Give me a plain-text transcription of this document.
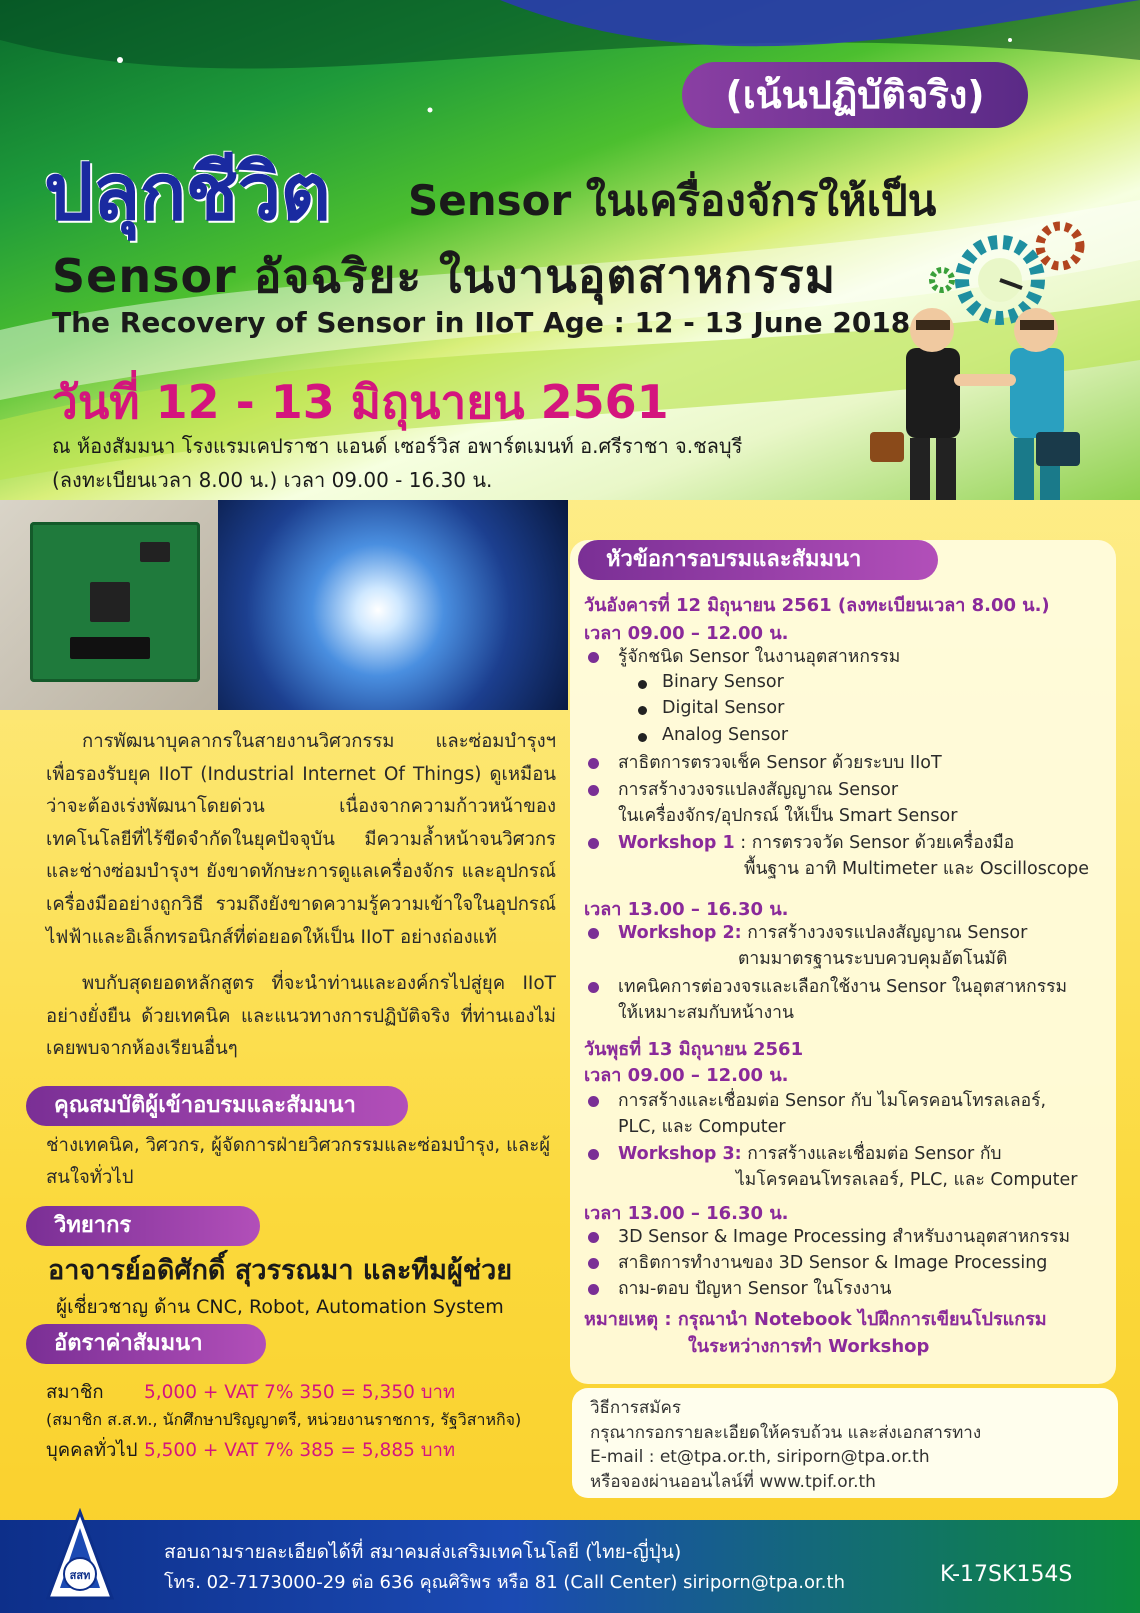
(เน้นปฏิบัติจริง)
ปลุกชีวิต Sensor ในเครื่องจักรให้เป็น
Sensor อัจฉริยะ ในงานอุตสาหกรรม
The Recovery of Sensor in IIoT Age : 12 - 13 June 2018
วันที่ 12 - 13 มิถุนายน 2561
ณ ห้องสัมมนา โรงแรมเคปราชา แอนด์ เซอร์วิส อพาร์ตเมนท์ อ.ศรีราชา จ.ชลบุรี
(ลงทะเบียนเวลา 8.00 น.) เวลา 09.00 - 16.30 น.

การพัฒนาบุคลากรในสายงานวิศวกรรม และซ่อมบำรุงฯ เพื่อรองรับยุค IIoT (Industrial Internet Of Things) ดูเหมือนว่าจะต้องเร่งพัฒนาโดยด่วน เนื่องจากความก้าวหน้าของเทคโนโลยีที่ไร้ขีดจำกัดในยุคปัจจุบัน มีความล้ำหน้าจนวิศวกร และช่างซ่อมบำรุงฯ ยังขาดทักษะการดูแลเครื่องจักร และอุปกรณ์เครื่องมืออย่างถูกวิธี รวมถึงยังขาดความรู้ความเข้าใจในอุปกรณ์ไฟฟ้าและอิเล็กทรอนิกส์ที่ต่อยอดให้เป็น IIoT อย่างถ่องแท้

พบกับสุดยอดหลักสูตร ที่จะนำท่านและองค์กรไปสู่ยุค IIoT อย่างยั่งยืน ด้วยเทคนิค และแนวทางการปฏิบัติจริง ที่ท่านเองไม่เคยพบจากห้องเรียนอื่นๆ

คุณสมบัติผู้เข้าอบรมและสัมมนา
ช่างเทคนิค, วิศวกร, ผู้จัดการฝ่ายวิศวกรรมและซ่อมบำรุง, และผู้สนใจทั่วไป
วิทยากร
อาจารย์อดิศักดิ์ สุวรรณมา และทีมผู้ช่วย
ผู้เชี่ยวชาญ ด้าน CNC, Robot, Automation System
อัตราค่าสัมมนา
สมาชิก 5,000 + VAT 7% 350 = 5,350 บาท
(สมาชิก ส.ส.ท., นักศึกษาปริญญาตรี, หน่วยงานราชการ, รัฐวิสาหกิจ)
บุคคลทั่วไป 5,500 + VAT 7% 385 = 5,885 บาท
หัวข้อการอบรมและสัมมนา
วันอังคารที่ 12 มิถุนายน 2561 (ลงทะเบียนเวลา 8.00 น.)
เวลา 09.00 – 12.00 น.
รู้จักชนิด Sensor ในงานอุตสาหกรรม
Binary Sensor
Digital Sensor
Analog Sensor
สาธิตการตรวจเช็ค Sensor ด้วยระบบ IIoT
การสร้างวงจรแปลงสัญญาณ Sensor
ในเครื่องจักร/อุปกรณ์ ให้เป็น Smart Sensor
Workshop 1 : การตรวจวัด Sensor ด้วยเครื่องมือ
พื้นฐาน อาทิ Multimeter และ Oscilloscope
เวลา 13.00 – 16.30 น.
Workshop 2: การสร้างวงจรแปลงสัญญาณ Sensor
ตามมาตรฐานระบบควบคุมอัตโนมัติ
เทคนิคการต่อวงจรและเลือกใช้งาน Sensor ในอุตสาหกรรม
ให้เหมาะสมกับหน้างาน
วันพุธที่ 13 มิถุนายน 2561
เวลา 09.00 – 12.00 น.
การสร้างและเชื่อมต่อ Sensor กับ ไมโครคอนโทรลเลอร์,
PLC, และ Computer
Workshop 3: การสร้างและเชื่อมต่อ Sensor กับ
ไมโครคอนโทรลเลอร์, PLC, และ Computer
เวลา 13.00 – 16.30 น.
3D Sensor & Image Processing สำหรับงานอุตสาหกรรม
สาธิตการทำงานของ 3D Sensor & Image Processing
ถาม-ตอบ ปัญหา Sensor ในโรงงาน
หมายเหตุ : กรุณานำ Notebook ไปฝึกการเขียนโปรแกรม
ในระหว่างการทำ Workshop
วิธีการสมัคร
กรุณากรอกรายละเอียดให้ครบถ้วน และส่งเอกสารทาง
E-mail : et@tpa.or.th, siriporn@tpa.or.th
หรือจองผ่านออนไลน์ที่ www.tpif.or.th
สสท
สอบถามรายละเอียดได้ที่ สมาคมส่งเสริมเทคโนโลยี (ไทย-ญี่ปุ่น)
โทร. 02-7173000-29 ต่อ 636 คุณศิริพร หรือ 81 (Call Center) siriporn@tpa.or.th	K-17SK154S
